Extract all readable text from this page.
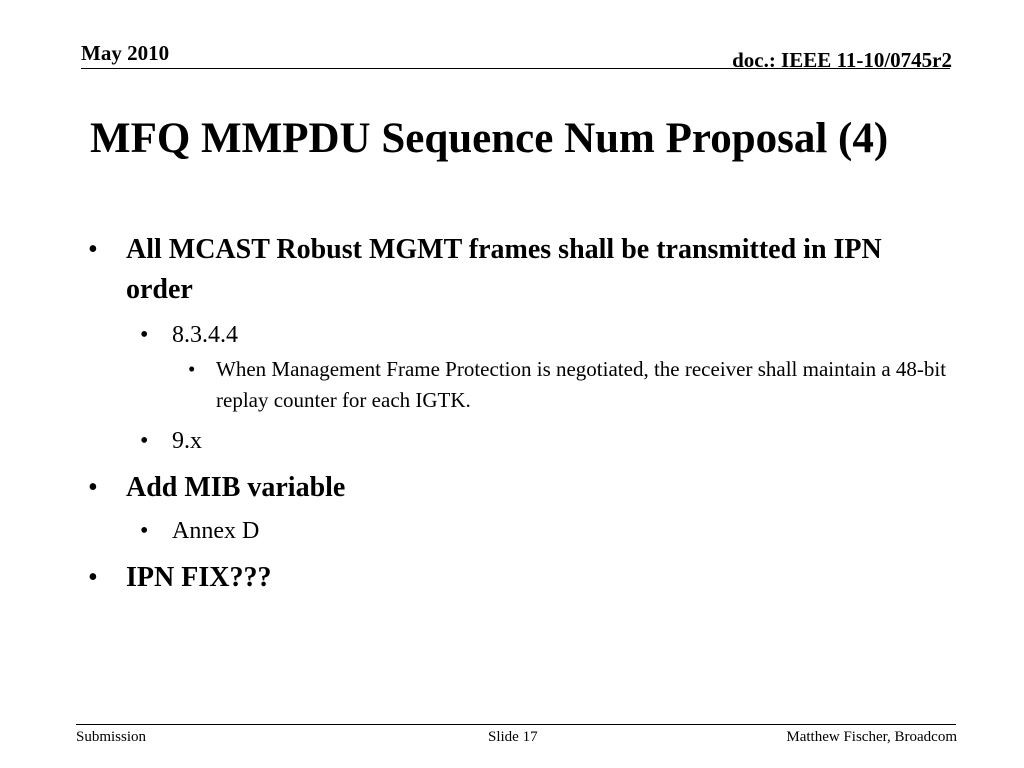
May 2010	doc.: IEEE 11-10/0745r2
MFQ MMPDU Sequence Num Proposal (4)
• All MCAST Robust MGMT frames shall be transmitted in IPN order
• 8.3.4.4
• When Management Frame Protection is negotiated, the receiver shall maintain a 48-bit replay counter for each IGTK.
• 9.x
• Add MIB variable
• Annex D
• IPN FIX???
Submission	Slide 17	Matthew Fischer, Broadcom
